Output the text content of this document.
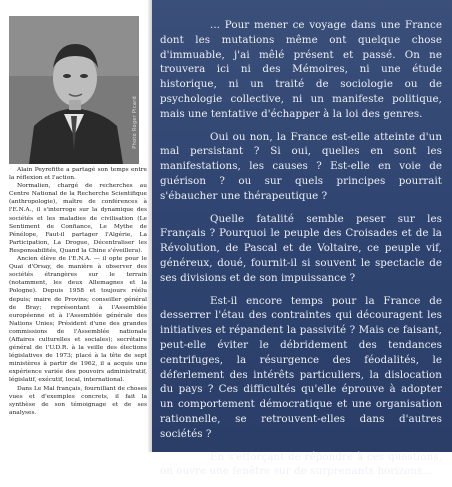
Photo Roger Picard

Alain Peyrefitte a partagé son temps entre la réflexion et l'action.

Normalien, chargé de recherches au Centre National de la Recherche Scientifique (anthropologie), maître de conférences à l'E.N.A., il s'interroge sur la dynamique des sociétés et les maladies de civilisation (Le Sentiment de Confiance, Le Mythe de Pénélope, Faut-il partager l'Algérie, La Participation, La Drogue, Décentraliser les Responsabilités, Quand la Chine s'éveillera).

Ancien élève de l'E.N.A. — il opte pour le Quai d'Orsay, de manière à observer des sociétés étrangères sur le terrain (notamment, les deux Allemagnes et la Pologne). Depuis 1958 et toujours réélu depuis; maire de Provins; conseiller général de Bray; représentant à l'Assemblée européenne et à l'Assemblée générale des Nations Unies; Président d'une des grandes commissions de l'Assemblée nationale (Affaires culturelles et sociales); secrétaire général de l'U.D.R. à la veille des élections législatives de 1973; placé à la tête de sept ministères à partir de 1962, il a acquis une expérience variée des pouvoirs administratif, législatif, exécutif, local, international.

Dans Le Mal français, fournillant de choses vues et d'exemples concrets, il fait la synthèse de son témoignage et de ses analyses.

... Pour mener ce voyage dans une France dont les mutations même ont quelque chose d'immuable, j'ai mêlé présent et passé. On ne trouvera ici ni des Mémoires, ni une étude historique, ni un traité de sociologie ou de psychologie collective, ni un manifeste politique, mais une tentative d'échapper à la loi des genres.

Oui ou non, la France est-elle atteinte d'un mal persistant ? Si oui, quelles en sont les manifestations, les causes ? Est-elle en voie de guérison ? ou sur quels principes pourrait s'ébaucher une thérapeutique ?

Quelle fatalité semble peser sur les Français ? Pourquoi le peuple des Croisades et de la Révolution, de Pascal et de Voltaire, ce peuple vif, généreux, doué, fournit-il si souvent le spectacle de ses divisions et de son impuissance ?

Est-il encore temps pour la France de desserrer l'étau des contraintes qui découragent les initiatives et répandent la passivité ? Mais ce faisant, peut-elle éviter le débridement des tendances centrifuges, la résurgence des féodalités, le déferlement des intérêts particuliers, la dislocation du pays ? Ces difficultés qu'elle éprouve à adopter un comportement démocratique et une organisation rationnelle, se retrouvent-elles dans d'autres sociétés ?

En s'efforçant de répondre à ces questions, on ouvre une fenêtre sur de surprenants horizons...
